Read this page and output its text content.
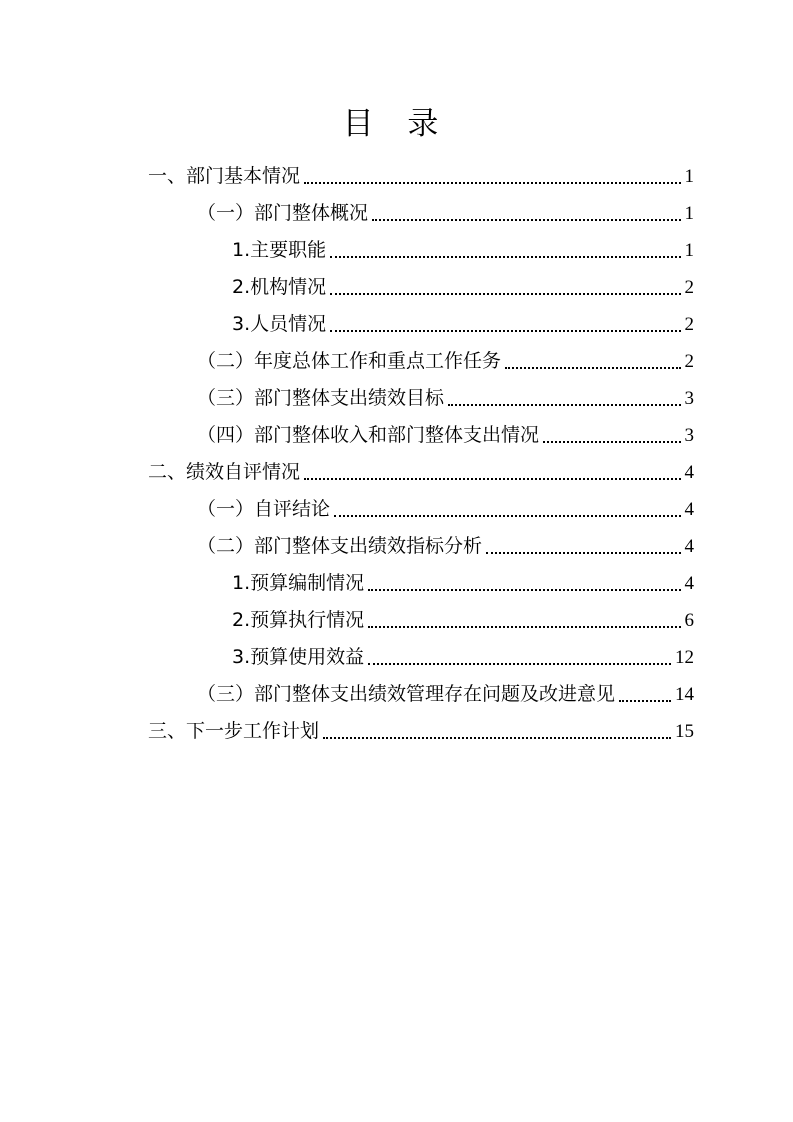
目 录
一、部门基本情况	1
（一）部门整体概况	1
1.主要职能	1
2.机构情况	2
3.人员情况	2
（二）年度总体工作和重点工作任务	2
（三）部门整体支出绩效目标	3
（四）部门整体收入和部门整体支出情况	3
二、绩效自评情况	4
（一）自评结论	4
（二）部门整体支出绩效指标分析	4
1.预算编制情况	4
2.预算执行情况	6
3.预算使用效益	12
（三）部门整体支出绩效管理存在问题及改进意见	14
三、下一步工作计划	15
